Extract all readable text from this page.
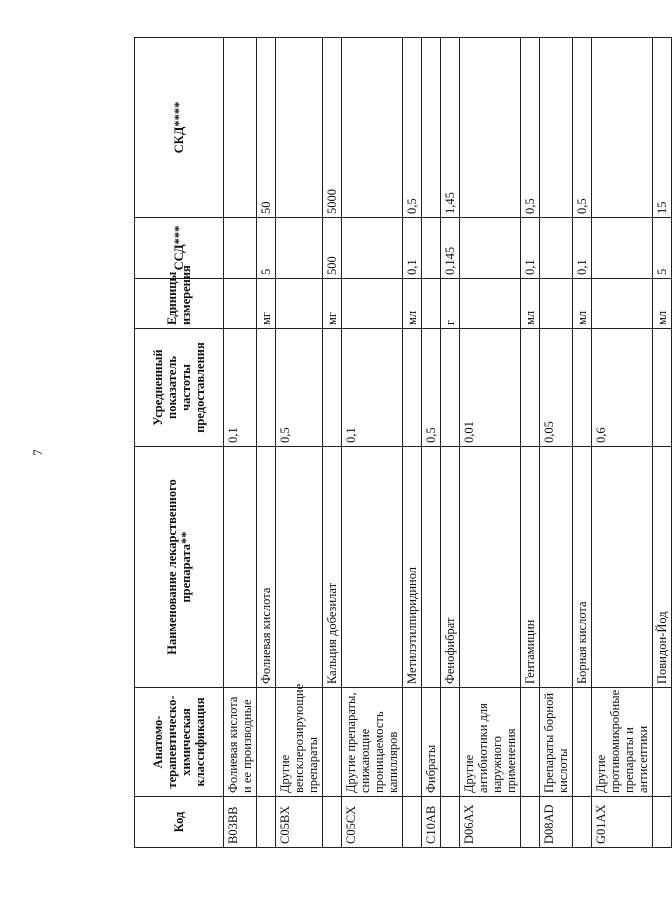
7
Код	Анатомо-терапевтическо-химическая классификация	Наименование лекарственного препарата**	Усредненный показатель частоты предоставления	Единицы измерения	ССД***	СКД****
B03BB	Фолиевая кислота и ее производные		0,1			
		Фолиевая кислота		мг	5	50
C05BX	Другие венсклерозирующие препараты		0,5			
		Кальция добезилат		мг	500	5000
C05CX	Другие препараты, снижающие проницаемость капилляров		0,1			
		Метилэтилпиридинол		мл	0,1	0,5
C10AB	Фибраты		0,5			
		Фенофибрат		г	0,145	1,45
D06AX	Другие антибиотики для наружного применения		0,01			
		Гентамицин		мл	0,1	0,5
D08AD	Препараты борной кислоты		0,05			
		Борная кислота		мл	0,1	0,5
G01AX	Другие противомикробные препараты и антисептики		0,6			
		Повидон-Йод		мл	5	15
